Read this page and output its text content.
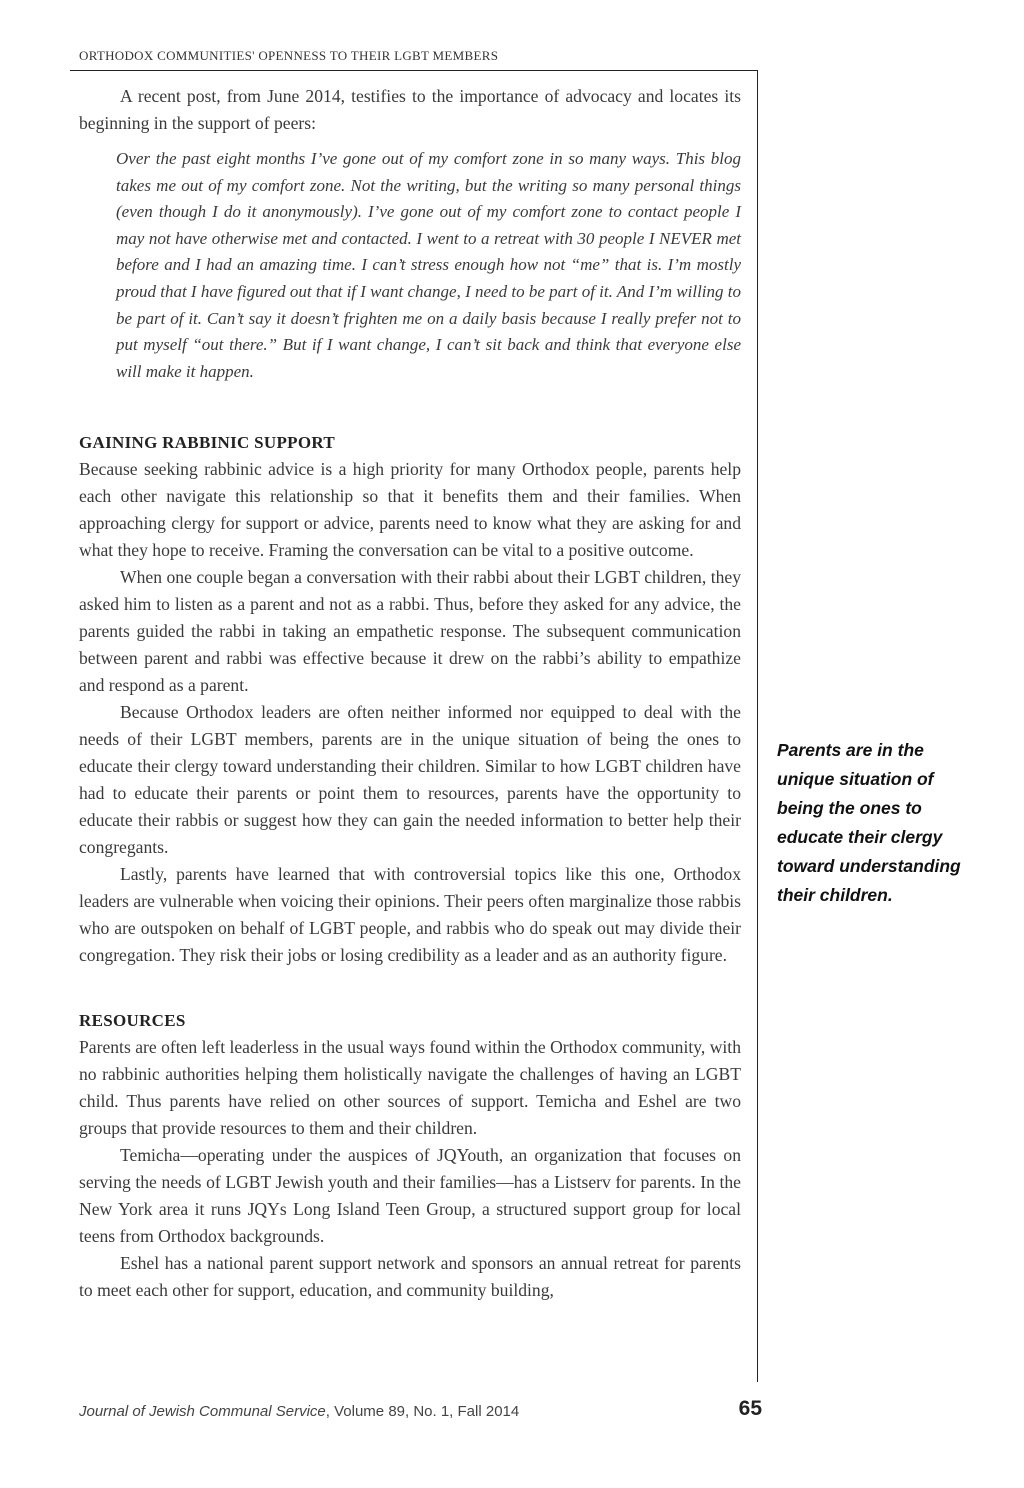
ORTHODOX COMMUNITIES' OPENNESS TO THEIR LGBT MEMBERS

A recent post, from June 2014, testifies to the importance of advocacy and locates its beginning in the support of peers:

Over the past eight months I’ve gone out of my comfort zone in so many ways. This blog takes me out of my comfort zone. Not the writing, but the writing so many personal things (even though I do it anonymously). I’ve gone out of my comfort zone to contact people I may not have otherwise met and contacted. I went to a retreat with 30 people I NEVER met before and I had an amazing time. I can’t stress enough how not “me” that is. I’m mostly proud that I have figured out that if I want change, I need to be part of it. And I’m willing to be part of it. Can’t say it doesn’t frighten me on a daily basis because I really prefer not to put myself “out there.” But if I want change, I can’t sit back and think that everyone else will make it happen.

GAINING RABBINIC SUPPORT

Because seeking rabbinic advice is a high priority for many Orthodox people, parents help each other navigate this relationship so that it benefits them and their families. When approaching clergy for support or advice, parents need to know what they are asking for and what they hope to receive. Framing the conversation can be vital to a positive outcome.

When one couple began a conversation with their rabbi about their LGBT children, they asked him to listen as a parent and not as a rabbi. Thus, before they asked for any advice, the parents guided the rabbi in taking an empathetic response. The subsequent communication between parent and rabbi was effective because it drew on the rabbi’s ability to empathize and respond as a parent.

Because Orthodox leaders are often neither informed nor equipped to deal with the needs of their LGBT members, parents are in the unique situation of being the ones to educate their clergy toward understanding their children. Similar to how LGBT children have had to educate their parents or point them to resources, parents have the opportunity to educate their rabbis or suggest how they can gain the needed information to better help their congregants.

Lastly, parents have learned that with controversial topics like this one, Orthodox leaders are vulnerable when voicing their opinions. Their peers often marginalize those rabbis who are outspoken on behalf of LGBT people, and rabbis who do speak out may divide their congregation. They risk their jobs or losing credibility as a leader and as an authority figure.

RESOURCES

Parents are often left leaderless in the usual ways found within the Orthodox community, with no rabbinic authorities helping them holistically navigate the challenges of having an LGBT child. Thus parents have relied on other sources of support. Temicha and Eshel are two groups that provide resources to them and their children.

Temicha—operating under the auspices of JQYouth, an organization that focuses on serving the needs of LGBT Jewish youth and their families—has a Listserv for parents. In the New York area it runs JQYs Long Island Teen Group, a structured support group for local teens from Orthodox backgrounds.

Eshel has a national parent support network and sponsors an annual retreat for parents to meet each other for support, education, and community building,

Parents are in the unique situation of being the ones to educate their clergy toward understanding their children.
Journal of Jewish Communal Service, Volume 89, No. 1, Fall 2014	65
